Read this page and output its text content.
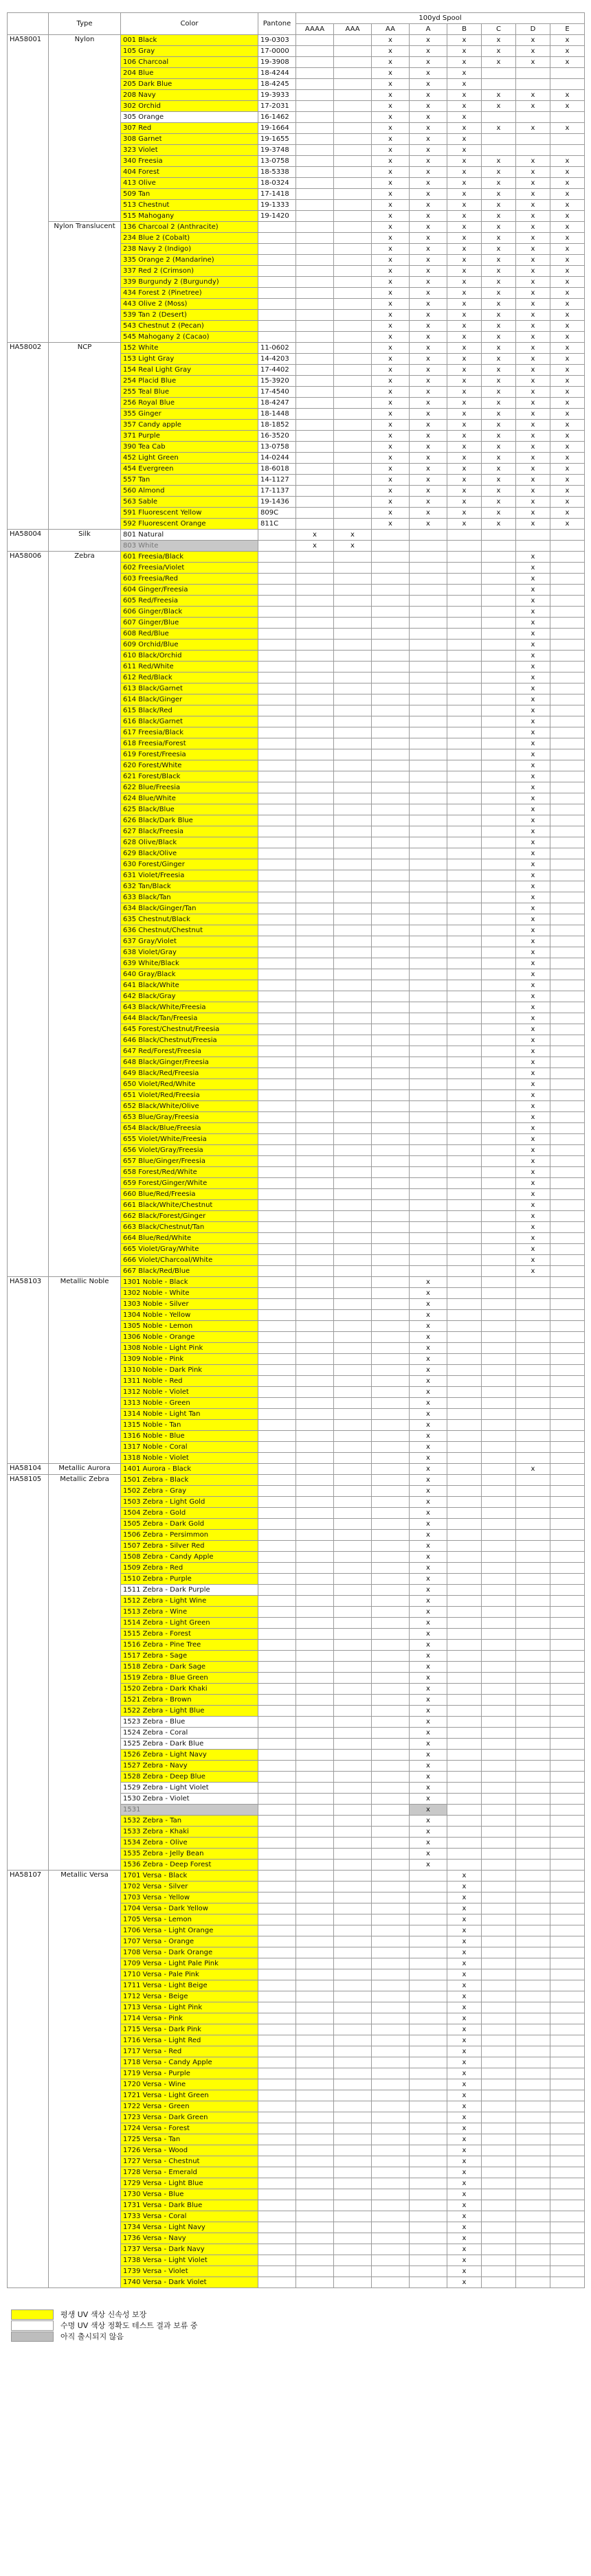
	Type	Color	Pantone	100yd Spool							
				AAAA	AAA	AA	A	B	C	D	E
HA58001	Nylon	001 Black	19-0303			x	x	x	x	x	x
		105 Gray	17-0000			x	x	x	x	x	x
		106 Charcoal	19-3908			x	x	x	x	x	x
		204 Blue	18-4244			x	x	x			
		205 Dark Blue	18-4245			x	x	x			
		208 Navy	19-3933			x	x	x	x	x	x
		302 Orchid	17-2031			x	x	x	x	x	x
		305 Orange	16-1462			x	x	x			
		307 Red	19-1664			x	x	x	x	x	x
		308 Garnet	19-1655			x	x	x			
		323 Violet	19-3748			x	x	x			
		340 Freesia	13-0758			x	x	x	x	x	x
		404 Forest	18-5338			x	x	x	x	x	x
		413 Olive	18-0324			x	x	x	x	x	x
		509 Tan	17-1418			x	x	x	x	x	x
		513 Chestnut	19-1333			x	x	x	x	x	x
		515 Mahogany	19-1420			x	x	x	x	x	x
	Nylon Translucent	136 Charcoal 2 (Anthracite)				x	x	x	x	x	x
		234 Blue 2 (Cobalt)				x	x	x	x	x	x
		238 Navy 2 (Indigo)				x	x	x	x	x	x
		335 Orange 2 (Mandarine)				x	x	x	x	x	x
		337 Red 2 (Crimson)				x	x	x	x	x	x
		339 Burgundy 2 (Burgundy)				x	x	x	x	x	x
		434 Forest 2 (Pinetree)				x	x	x	x	x	x
		443 Olive 2 (Moss)				x	x	x	x	x	x
		539 Tan 2 (Desert)				x	x	x	x	x	x
		543 Chestnut 2 (Pecan)				x	x	x	x	x	x
		545 Mahogany 2 (Cacao)				x	x	x	x	x	x
HA58002	NCP	152 White	11-0602			x	x	x	x	x	x
		153 Light Gray	14-4203			x	x	x	x	x	x
		154 Real Light Gray	17-4402			x	x	x	x	x	x
		254 Placid Blue	15-3920			x	x	x	x	x	x
		255 Teal Blue	17-4540			x	x	x	x	x	x
		256 Royal Blue	18-4247			x	x	x	x	x	x
		355 Ginger	18-1448			x	x	x	x	x	x
		357 Candy apple	18-1852			x	x	x	x	x	x
		371 Purple	16-3520			x	x	x	x	x	x
		390 Tea Cab	13-0758			x	x	x	x	x	x
		452 Light Green	14-0244			x	x	x	x	x	x
		454 Evergreen	18-6018			x	x	x	x	x	x
		557 Tan	14-1127			x	x	x	x	x	x
		560 Almond	17-1137			x	x	x	x	x	x
		563 Sable	19-1436			x	x	x	x	x	x
		591 Fluorescent Yellow	809C			x	x	x	x	x	x
		592 Fluorescent Orange	811C			x	x	x	x	x	x
HA58004	Silk	801 Natural		x	x						
		803 White		x	x						
HA58006	Zebra	601 Freesia/Black								x	
		602 Freesia/Violet								x	
		603 Freesia/Red								x	
		604 Ginger/Freesia								x	
		605 Red/Freesia								x	
		606 Ginger/Black								x	
		607 Ginger/Blue								x	
		608 Red/Blue								x	
		609 Orchid/Blue								x	
		610 Black/Orchid								x	
		611 Red/White								x	
		612 Red/Black								x	
		613 Black/Garnet								x	
		614 Black/Ginger								x	
		615 Black/Red								x	
		616 Black/Garnet								x	
		617 Freesia/Black								x	
		618 Freesia/Forest								x	
		619 Forest/Freesia								x	
		620 Forest/White								x	
		621 Forest/Black								x	
		622 Blue/Freesia								x	
		624 Blue/White								x	
		625 Black/Blue								x	
		626 Black/Dark Blue								x	
		627 Black/Freesia								x	
		628 Olive/Black								x	
		629 Black/Olive								x	
		630 Forest/Ginger								x	
		631 Violet/Freesia								x	
		632 Tan/Black								x	
		633 Black/Tan								x	
		634 Black/Ginger/Tan								x	
		635 Chestnut/Black								x	
		636 Chestnut/Chestnut								x	
		637 Gray/Violet								x	
		638 Violet/Gray								x	
		639 White/Black								x	
		640 Gray/Black								x	
		641 Black/White								x	
		642 Black/Gray								x	
		643 Black/White/Freesia								x	
		644 Black/Tan/Freesia								x	
		645 Forest/Chestnut/Freesia								x	
		646 Black/Chestnut/Freesia								x	
		647 Red/Forest/Freesia								x	
		648 Black/Ginger/Freesia								x	
		649 Black/Red/Freesia								x	
		650 Violet/Red/White								x	
		651 Violet/Red/Freesia								x	
		652 Black/White/Olive								x	
		653 Blue/Gray/Freesia								x	
		654 Black/Blue/Freesia								x	
		655 Violet/White/Freesia								x	
		656 Violet/Gray/Freesia								x	
		657 Blue/Ginger/Freesia								x	
		658 Forest/Red/White								x	
		659 Forest/Ginger/White								x	
		660 Blue/Red/Freesia								x	
		661 Black/White/Chestnut								x	
		662 Black/Forest/Ginger								x	
		663 Black/Chestnut/Tan								x	
		664 Blue/Red/White								x	
		665 Violet/Gray/White								x	
		666 Violet/Charcoal/White								x	
		667 Black/Red/Blue								x	
HA58103	Metallic Noble	1301 Noble - Black					x				
		1302 Noble - White					x				
		1303 Noble - Silver					x				
		1304 Noble - Yellow					x				
		1305 Noble - Lemon					x				
		1306 Noble - Orange					x				
		1308 Noble - Light Pink					x				
		1309 Noble - Pink					x				
		1310 Noble - Dark Pink					x				
		1311 Noble - Red					x				
		1312 Noble - Violet					x				
		1313 Noble - Green					x				
		1314 Noble - Light Tan					x				
		1315 Noble - Tan					x				
		1316 Noble - Blue					x				
		1317 Noble - Coral					x				
		1318 Noble - Violet					x				
HA58104	Metallic Aurora	1401 Aurora - Black					x			x	
HA58105	Metallic Zebra	1501 Zebra - Black					x				
		1502 Zebra - Gray					x				
		1503 Zebra - Light Gold					x				
		1504 Zebra - Gold					x				
		1505 Zebra - Dark Gold					x				
		1506 Zebra - Persimmon					x				
		1507 Zebra - Silver Red					x				
		1508 Zebra - Candy Apple					x				
		1509 Zebra - Red					x				
		1510 Zebra - Purple					x				
		1511 Zebra - Dark Purple					x				
		1512 Zebra - Light Wine					x				
		1513 Zebra - Wine					x				
		1514 Zebra - Light Green					x				
		1515 Zebra - Forest					x				
		1516 Zebra - Pine Tree					x				
		1517 Zebra - Sage					x				
		1518 Zebra - Dark Sage					x				
		1519 Zebra - Blue Green					x				
		1520 Zebra - Dark Khaki					x				
		1521 Zebra - Brown					x				
		1522 Zebra - Light Blue					x				
		1523 Zebra - Blue					x				
		1524 Zebra - Coral					x				
		1525 Zebra - Dark Blue					x				
		1526 Zebra - Light Navy					x				
		1527 Zebra - Navy					x				
		1528 Zebra - Deep Blue					x				
		1529 Zebra - Light Violet					x				
		1530 Zebra - Violet					x				
		1531					x				
		1532 Zebra - Tan					x				
		1533 Zebra - Khaki					x				
		1534 Zebra - Olive					x				
		1535 Zebra - Jelly Bean					x				
		1536 Zebra - Deep Forest					x				
HA58107	Metallic Versa	1701 Versa - Black						x			
		1702 Versa - Silver						x			
		1703 Versa - Yellow						x			
		1704 Versa - Dark Yellow						x			
		1705 Versa - Lemon						x			
		1706 Versa - Light Orange						x			
		1707 Versa - Orange						x			
		1708 Versa - Dark Orange						x			
		1709 Versa - Light Pale Pink						x			
		1710 Versa - Pale Pink						x			
		1711 Versa - Light Beige						x			
		1712 Versa - Beige						x			
		1713 Versa - Light Pink						x			
		1714 Versa - Pink						x			
		1715 Versa - Dark Pink						x			
		1716 Versa - Light Red						x			
		1717 Versa - Red						x			
		1718 Versa - Candy Apple						x			
		1719 Versa - Purple						x			
		1720 Versa - Wine						x			
		1721 Versa - Light Green						x			
		1722 Versa - Green						x			
		1723 Versa - Dark Green						x			
		1724 Versa - Forest						x			
		1725 Versa - Tan						x			
		1726 Versa - Wood						x			
		1727 Versa - Chestnut						x			
		1728 Versa - Emerald						x			
		1729 Versa - Light Blue						x			
		1730 Versa - Blue						x			
		1731 Versa - Dark Blue						x			
		1733 Versa - Coral						x			
		1734 Versa - Light Navy						x			
		1736 Versa - Navy						x			
		1737 Versa - Dark Navy						x			
		1738 Versa - Light Violet						x			
		1739 Versa - Violet						x			
		1740 Versa - Dark Violet						x			
평생 UV 색상 신속성 보장
수명 UV 색상 정확도 테스트 결과 보류 중
아직 출시되지 않음
